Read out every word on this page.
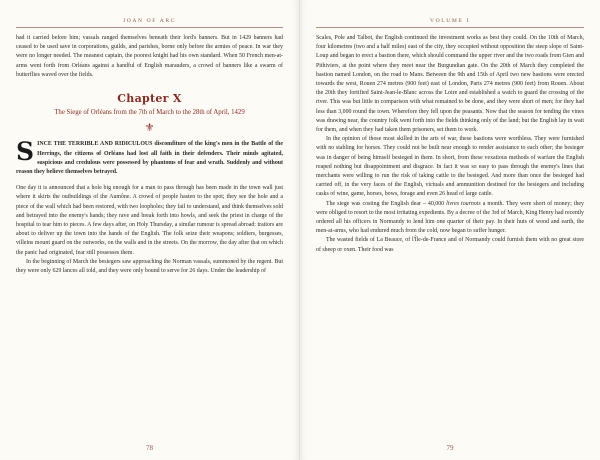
JOAN OF ARC

had it carried before him; vassals ranged themselves beneath their lord's banners. But in 1429 banners had ceased to be used save in corporations, guilds, and parishes, borne only before the armies of peace. In war they were no longer needed. The meanest captain, the poorest knight had his own standard. When 50 French men-at-arms went forth from Orléans against a handful of English marauders, a crowd of banners like a swarm of butterflies waved over the fields.

Chapter X
The Siege of Orléans from the 7th of March to the 28th of April, 1429
⚜
SINCE THE TERRIBLE AND RIDICULOUS discomfiture of the king's men in the Battle of the Herrings, the citizens of Orléans had lost all faith in their defenders. Their minds agitated, suspicious and credulous were possessed by phantoms of fear and wrath. Suddenly and without reason they believe themselves betrayed.

One day it is announced that a hole big enough for a man to pass through has been made in the town wall just where it skirts the outbuildings of the Aumône. A crowd of people hasten to the spot; they see the hole and a piece of the wall which had been restored, with two loopholes; they fail to understand, and think themselves sold and betrayed into the enemy's hands; they rave and break forth into howls, and seek the priest in charge of the hospital to tear him to pieces. A few days after, on Holy Thursday, a similar rumour is spread abroad: traitors are about to deliver up the town into the hands of the English. The folk seize their weapons; soldiers, burgesses, villeins mount guard on the outworks, on the walls and in the streets. On the morrow, the day after that on which the panic had originated, fear still possesses them.

In the beginning of March the besiegers saw approaching the Norman vassals, summoned by the regent. But they were only 629 lances all told, and they were only bound to serve for 26 days. Under the leadership of

78
VOLUME I

Scales, Pole and Talbot, the English continued the investment works as best they could. On the 10th of March, four kilometres (two and a half miles) east of the city, they occupied without opposition the steep slope of Saint-Loup and began to erect a bastion there, which should command the upper river and the two roads from Gien and Pithiviers, at the point where they meet near the Burgundian gate. On the 20th of March they completed the bastion named London, on the road to Mans. Between the 9th and 15th of April two new bastions were erected towards the west, Rouen 274 metres (900 feet) east of London, Paris 274 metres (900 feet) from Rouen. About the 20th they fortified Saint-Jean-le-Blanc across the Loire and established a watch to guard the crossing of the river. This was but little in comparison with what remained to be done, and they were short of men; for they had less than 3,000 round the town. Wherefore they fell upon the peasants. Now that the season for tending the vines was drawing near, the country folk went forth into the fields thinking only of the land; but the English lay in wait for them, and when they had taken them prisoners, set them to work.

In the opinion of those most skilled in the arts of war, these bastions were worthless. They were furnished with no stabling for horses. They could not be built near enough to render assistance to each other; the besieger was in danger of being himself besieged in them. In short, from these vexatious methods of warfare the English reaped nothing but disappointment and disgrace. In fact it was so easy to pass through the enemy's lines that merchants were willing to run the risk of taking cattle to the besieged. And more than once the besieged had carried off, in the very faces of the English, victuals and ammunition destined for the besiegers and including casks of wine, game, horses, bows, forage and even 26 head of large cattle.

The siege was costing the English dear – 40,000 livres tournois a month. They were short of money; they were obliged to resort to the most irritating expedients. By a decree of the 3rd of March, King Henry had recently ordered all his officers in Normandy to lend him one quarter of their pay. In their huts of wood and earth, the men-at-arms, who had endured much from the cold, now began to suffer hunger.

The wasted fields of La Beauce, of l'Île-de-France and of Normandy could furnish them with no great store of sheep or oxen. Their food was

79
